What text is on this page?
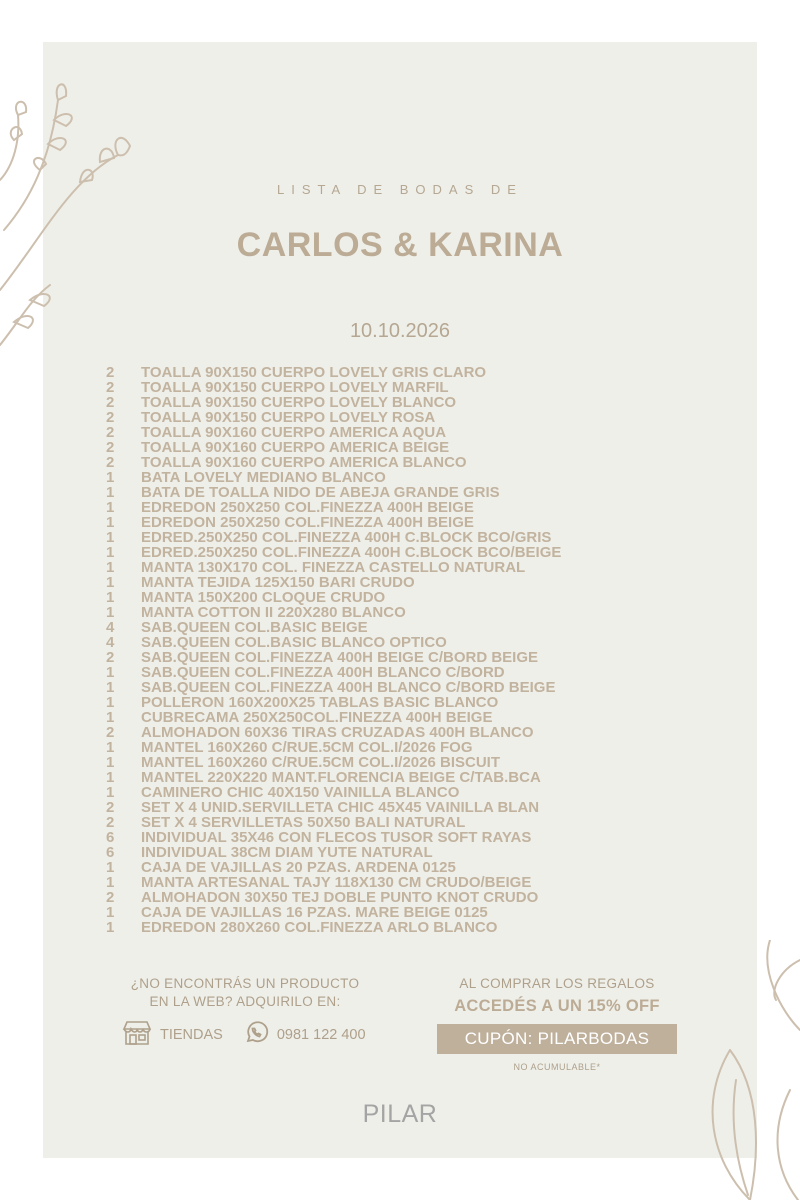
LISTA DE BODAS DE
CARLOS & KARINA
10.10.2026
2	TOALLA 90X150 CUERPO LOVELY GRIS CLARO
2	TOALLA 90X150 CUERPO LOVELY MARFIL
2	TOALLA 90X150 CUERPO LOVELY BLANCO
2	TOALLA 90X150 CUERPO LOVELY ROSA
2	TOALLA 90X160 CUERPO AMERICA AQUA
2	TOALLA 90X160 CUERPO AMERICA BEIGE
2	TOALLA 90X160 CUERPO AMERICA BLANCO
1	BATA LOVELY MEDIANO BLANCO
1	BATA DE TOALLA NIDO DE ABEJA GRANDE GRIS
1	EDREDON 250X250 COL.FINEZZA 400H BEIGE
1	EDREDON 250X250 COL.FINEZZA 400H BEIGE
1	EDRED.250X250 COL.FINEZZA 400H C.BLOCK BCO/GRIS
1	EDRED.250X250 COL.FINEZZA 400H C.BLOCK BCO/BEIGE
1	MANTA 130X170 COL. FINEZZA CASTELLO NATURAL
1	MANTA TEJIDA 125X150 BARI CRUDO
1	MANTA 150X200 CLOQUE CRUDO
1	MANTA COTTON II 220X280 BLANCO
4	SAB.QUEEN COL.BASIC BEIGE
4	SAB.QUEEN COL.BASIC BLANCO OPTICO
2	SAB.QUEEN COL.FINEZZA 400H BEIGE C/BORD BEIGE
1	SAB.QUEEN COL.FINEZZA 400H BLANCO C/BORD
1	SAB.QUEEN COL.FINEZZA 400H BLANCO C/BORD BEIGE
1	POLLERON 160X200X25 TABLAS BASIC BLANCO
1	CUBRECAMA 250X250COL.FINEZZA 400H BEIGE
2	ALMOHADON 60X36 TIRAS CRUZADAS 400H BLANCO
1	MANTEL 160X260 C/RUE.5CM COL.I/2026 FOG
1	MANTEL 160X260 C/RUE.5CM COL.I/2026 BISCUIT
1	MANTEL 220X220 MANT.FLORENCIA BEIGE C/TAB.BCA
1	CAMINERO CHIC 40X150 VAINILLA BLANCO
2	SET X 4 UNID.SERVILLETA CHIC 45X45 VAINILLA BLAN
2	SET X 4 SERVILLETAS 50X50 BALI NATURAL
6	INDIVIDUAL 35X46 CON FLECOS TUSOR SOFT RAYAS
6	INDIVIDUAL 38CM DIAM YUTE NATURAL
1	CAJA DE VAJILLAS 20 PZAS. ARDENA 0125
1	MANTA ARTESANAL TAJY 118X130 CM CRUDO/BEIGE
2	ALMOHADON 30X50 TEJ DOBLE PUNTO KNOT CRUDO
1	CAJA DE VAJILLAS 16 PZAS. MARE BEIGE 0125
1	EDREDON 280X260 COL.FINEZZA ARLO BLANCO
¿NO ENCONTRÁS UN PRODUCTO
EN LA WEB? ADQUIRILO EN:
TIENDAS	0981 122 400
AL COMPRAR LOS REGALOS
ACCEDÉS A UN 15% OFF
CUPÓN: PILARBODAS
NO ACUMULABLE*
PILAR
